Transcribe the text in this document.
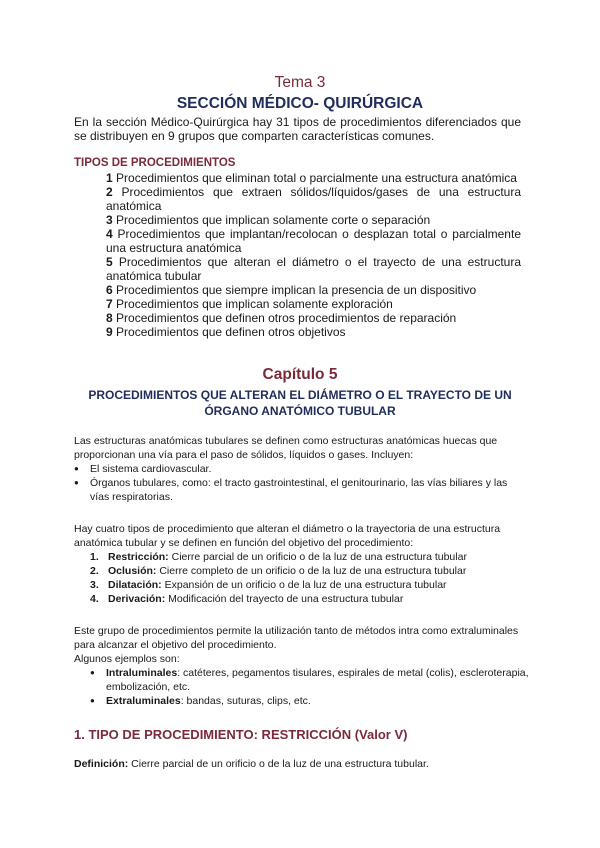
Tema 3
SECCIÓN MÉDICO- QUIRÚRGICA

En la sección Médico-Quirúrgica hay 31 tipos de procedimientos diferenciados que se distribuyen en 9 grupos que comparten características comunes.

TIPOS DE PROCEDIMIENTOS
1 Procedimientos que eliminan total o parcialmente una estructura anatómica
2 Procedimientos que extraen sólidos/líquidos/gases de una estructura anatómica
3 Procedimientos que implican solamente corte o separación
4 Procedimientos que implantan/recolocan o desplazan total o parcialmente una estructura anatómica
5 Procedimientos que alteran el diámetro o el trayecto de una estructura anatómica tubular
6 Procedimientos que siempre implican la presencia de un dispositivo
7 Procedimientos que implican solamente exploración
8 Procedimientos que definen otros procedimientos de reparación
9 Procedimientos que definen otros objetivos
Capítulo 5
PROCEDIMIENTOS QUE ALTERAN EL DIÁMETRO O EL TRAYECTO DE UN ÓRGANO ANATÓMICO TUBULAR

Las estructuras anatómicas tubulares se definen como estructuras anatómicas huecas que proporcionan una vía para el paso de sólidos, líquidos o gases. Incluyen:

● El sistema cardiovascular.
● Órganos tubulares, como: el tracto gastrointestinal, el genitourinario, las vías biliares y las vías respiratorias.

Hay cuatro tipos de procedimiento que alteran el diámetro o la trayectoria de una estructura anatómica tubular y se definen en función del objetivo del procedimiento:

1. Restricción: Cierre parcial de un orificio o de la luz de una estructura tubular
2. Oclusión: Cierre completo de un orificio o de la luz de una estructura tubular
3. Dilatación: Expansión de un orificio o de la luz de una estructura tubular
4. Derivación: Modificación del trayecto de una estructura tubular

Este grupo de procedimientos permite la utilización tanto de métodos intra como extraluminales para alcanzar el objetivo del procedimiento.

Algunos ejemplos son:

● Intraluminales: catéteres, pegamentos tisulares, espirales de metal (colis), escleroterapia, embolización, etc.
● Extraluminales: bandas, suturas, clips, etc.
1. TIPO DE PROCEDIMIENTO: RESTRICCIÓN (Valor V)
Definición: Cierre parcial de un orificio o de la luz de una estructura tubular.
